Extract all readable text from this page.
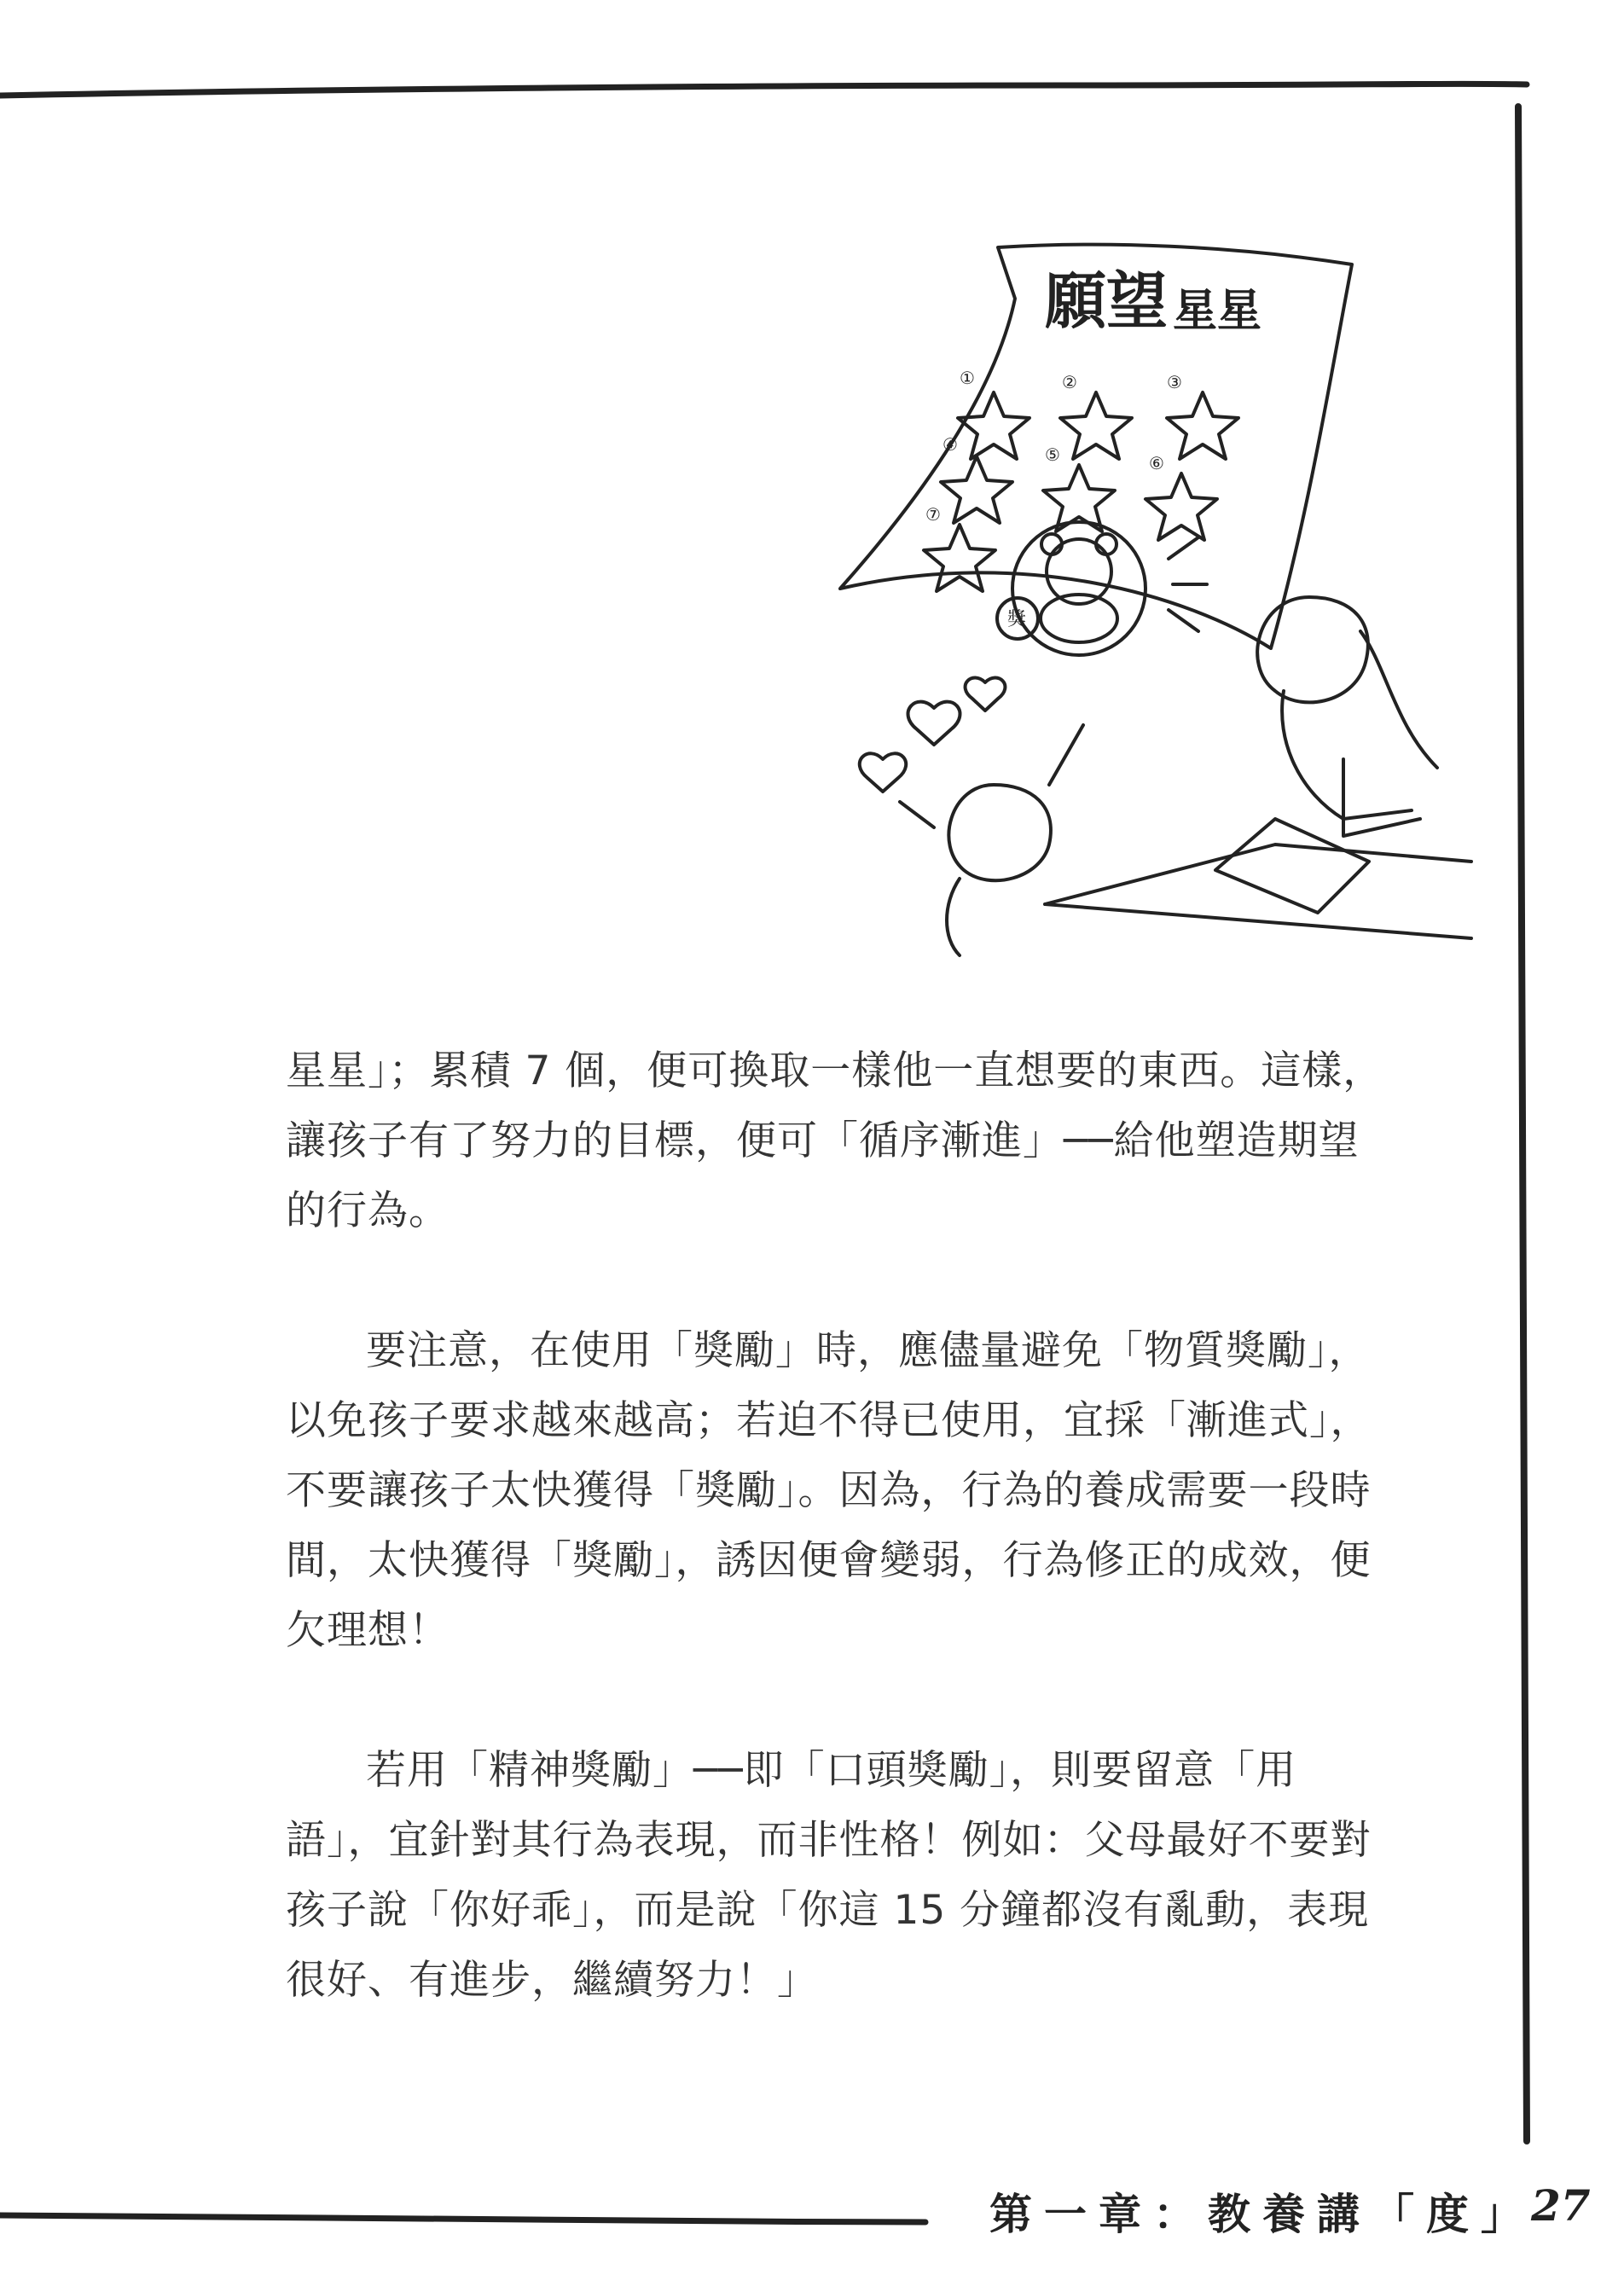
願望 星星
①	②	③
④	⑤	⑥
⑦
獎

星星」；累積 7 個，便可換取一樣他一直想要的東西。這樣，讓孩子有了努力的目標，便可「循序漸進」──給他塑造期望的行為。

要注意，在使用「獎勵」時，應儘量避免「物質獎勵」，以免孩子要求越來越高；若迫不得已使用，宜採「漸進式」，不要讓孩子太快獲得「獎勵」。因為，行為的養成需要一段時間，太快獲得「獎勵」，誘因便會變弱，行為修正的成效，便欠理想！

若用「精神獎勵」──即「口頭獎勵」，則要留意「用語」，宜針對其行為表現，而非性格！例如：父母最好不要對孩子說「你好乖」，而是說「你這 15 分鐘都沒有亂動，表現很好、有進步，繼續努力！」

第一章：教養講「度」
27
